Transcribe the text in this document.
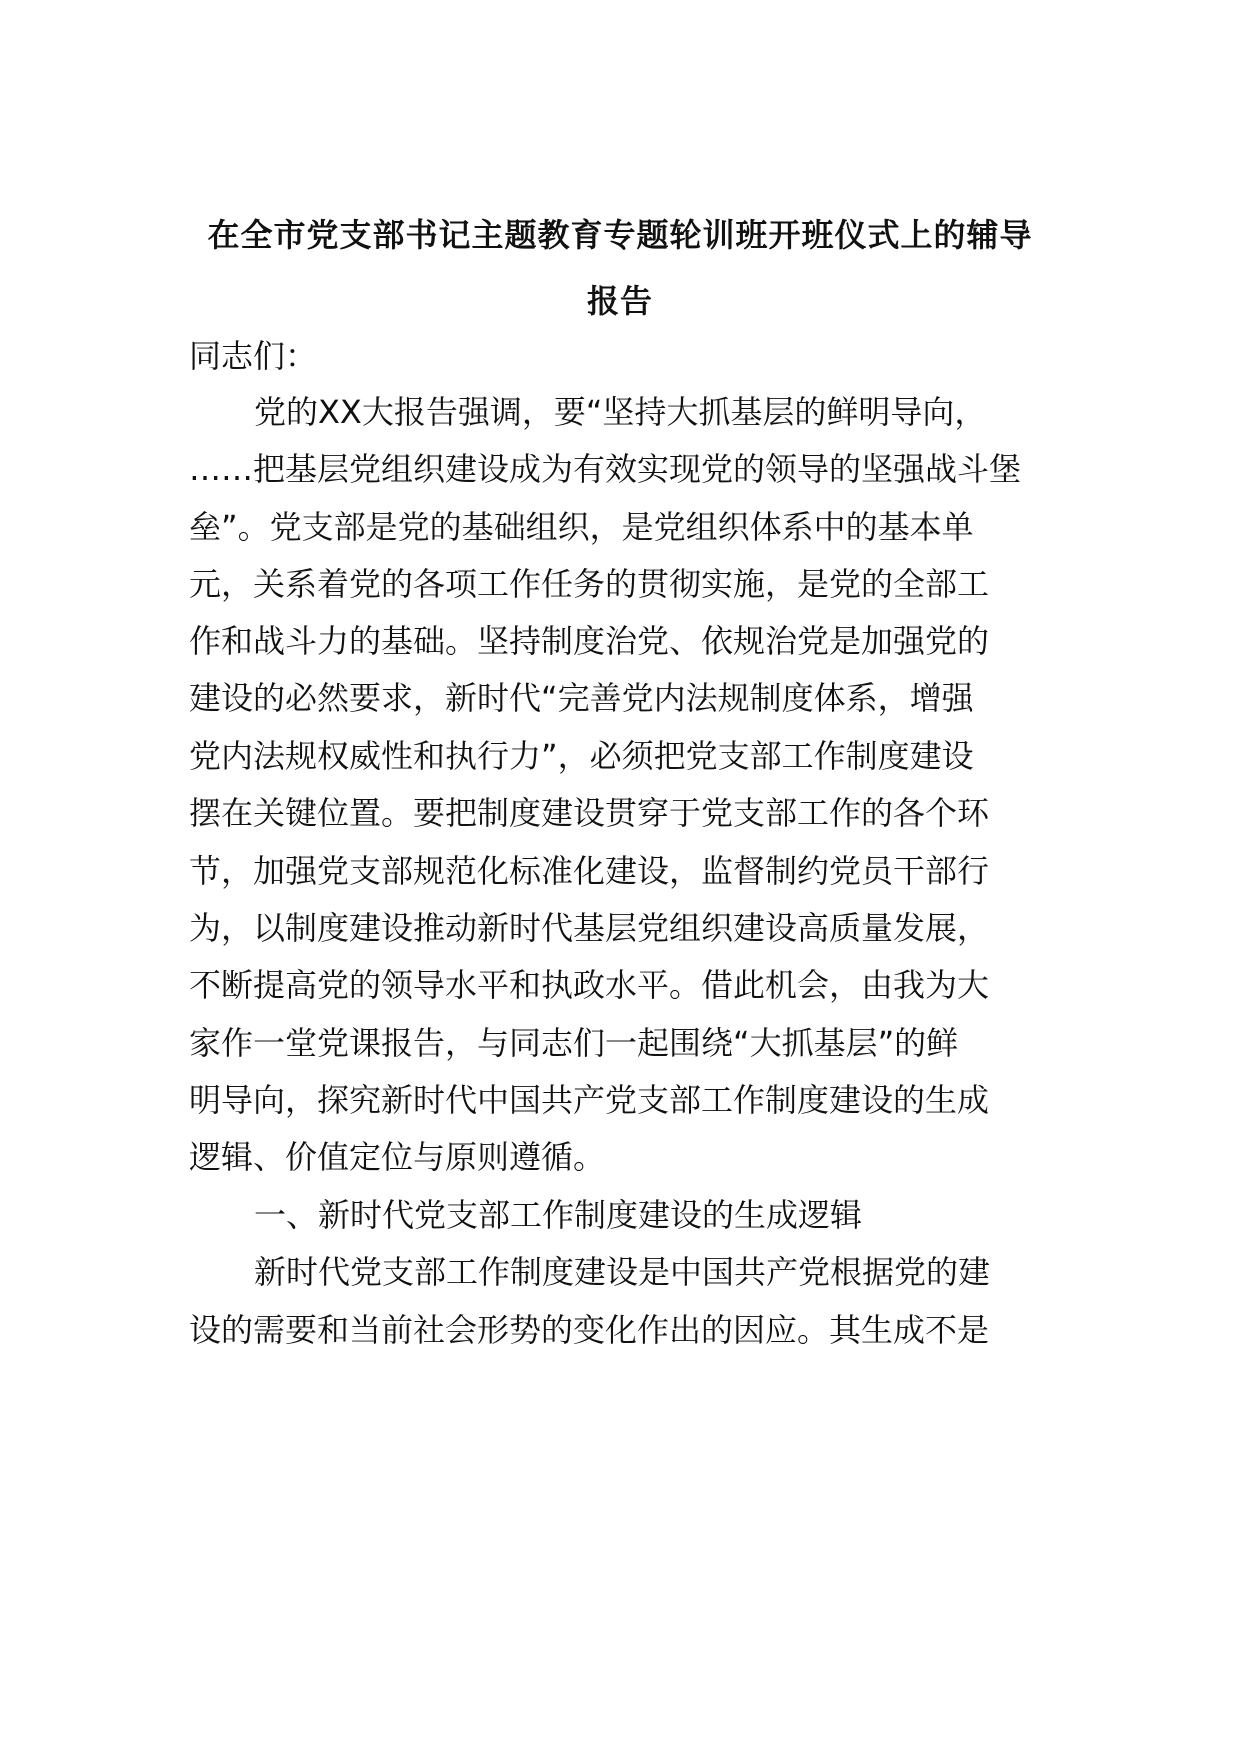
在全市党支部书记主题教育专题轮训班开班仪式上的辅导
报告

同志们：

党的XX大报告强调，要“坚持大抓基层的鲜明导向，

……把基层党组织建设成为有效实现党的领导的坚强战斗堡

垒”。党支部是党的基础组织，是党组织体系中的基本单

元，关系着党的各项工作任务的贯彻实施，是党的全部工

作和战斗力的基础。坚持制度治党、依规治党是加强党的

建设的必然要求，新时代“完善党内法规制度体系，增强

党内法规权威性和执行力”，必须把党支部工作制度建设

摆在关键位置。要把制度建设贯穿于党支部工作的各个环

节，加强党支部规范化标准化建设，监督制约党员干部行

为，以制度建设推动新时代基层党组织建设高质量发展，

不断提高党的领导水平和执政水平。借此机会，由我为大

家作一堂党课报告，与同志们一起围绕“大抓基层”的鲜

明导向，探究新时代中国共产党支部工作制度建设的生成

逻辑、价值定位与原则遵循。

一、新时代党支部工作制度建设的生成逻辑

新时代党支部工作制度建设是中国共产党根据党的建

设的需要和当前社会形势的变化作出的因应。其生成不是
